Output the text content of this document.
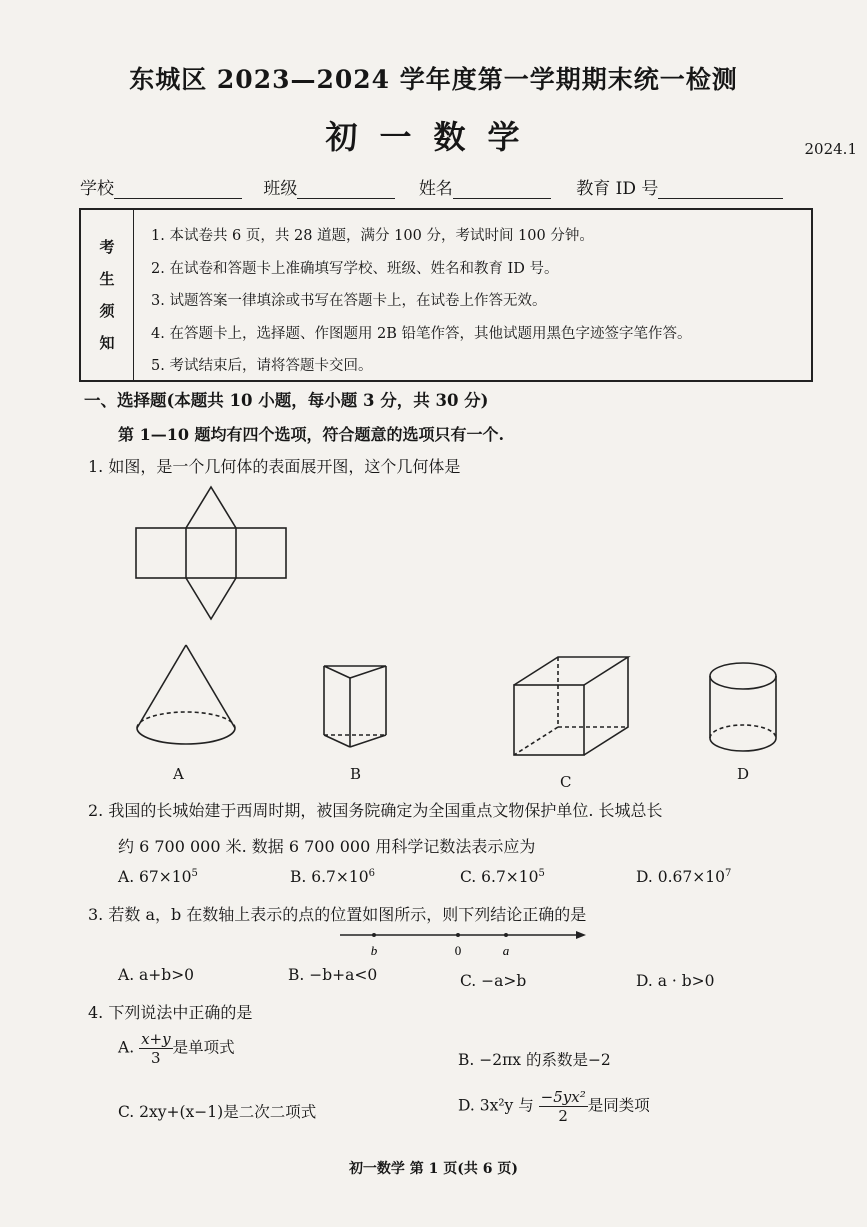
东城区 2023—2024 学年度第一学期期末统一检测
初一数学	2024.1
学校	班级	姓名	教育 ID 号
考
生
须
知
1. 本试卷共 6 页，共 28 道题，满分 100 分，考试时间 100 分钟。
2. 在试卷和答题卡上准确填写学校、班级、姓名和教育 ID 号。
3. 试题答案一律填涂或书写在答题卡上，在试卷上作答无效。
4. 在答题卡上，选择题、作图题用 2B 铅笔作答，其他试题用黑色字迹签字笔作答。
5. 考试结束后，请将答题卡交回。
一、选择题(本题共 10 小题，每小题 3 分，共 30 分)
第 1—10 题均有四个选项，符合题意的选项只有一个.
1. 如图，是一个几何体的表面展开图，这个几何体是
A	B	C	D
2. 我国的长城始建于西周时期，被国务院确定为全国重点文物保护单位. 长城总长
约 6 700 000 米. 数据 6 700 000 用科学记数法表示应为
A. $67\times 10^5$	B. $6.7\times 10^6$	C. $6.7\times 10^5$	D. $0.67\times 10^7$
3. 若数 a，b 在数轴上表示的点的位置如图所示，则下列结论正确的是
b	0	a
A. a+b>0	B. −b+a<0	C. −a>b	D. a · b>0
4. 下列说法中正确的是
A. $\frac{x+y}{3}$ 是单项式
B. −2πx 的系数是−2
C. 2xy+(x−1)是二次二项式	D. 3x²y 与 $\frac{\text{−5yx²}}{2}$ 是同类项
初一数学 第 1 页(共 6 页)
